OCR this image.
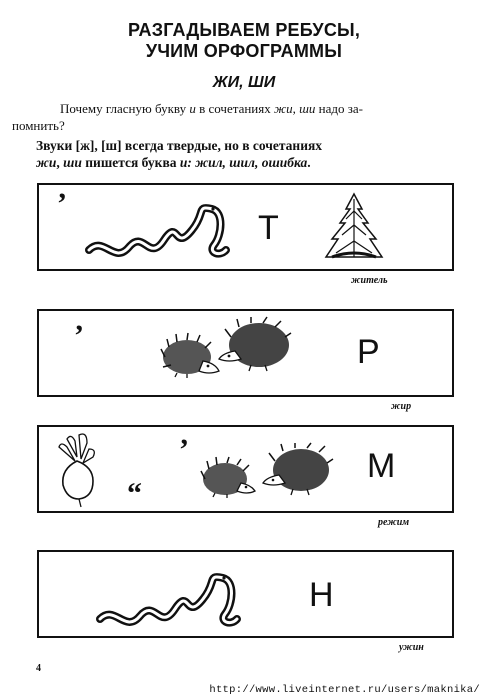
РАЗГАДЫВАЕМ РЕБУСЫ,
УЧИМ ОРФОГРАММЫ
ЖИ, ШИ
Почему гласную букву и в сочетаниях жи, ши надо за-
помнить?
Звуки [ж], [ш] всегда твердые, но в сочетаниях
жи, ши пишется буква и: жил, шил, ошибка.
’
Т
житель
’	Р
жир
“
’	М
режим
Н
ужин
4
http://www.liveinternet.ru/users/maknika/
